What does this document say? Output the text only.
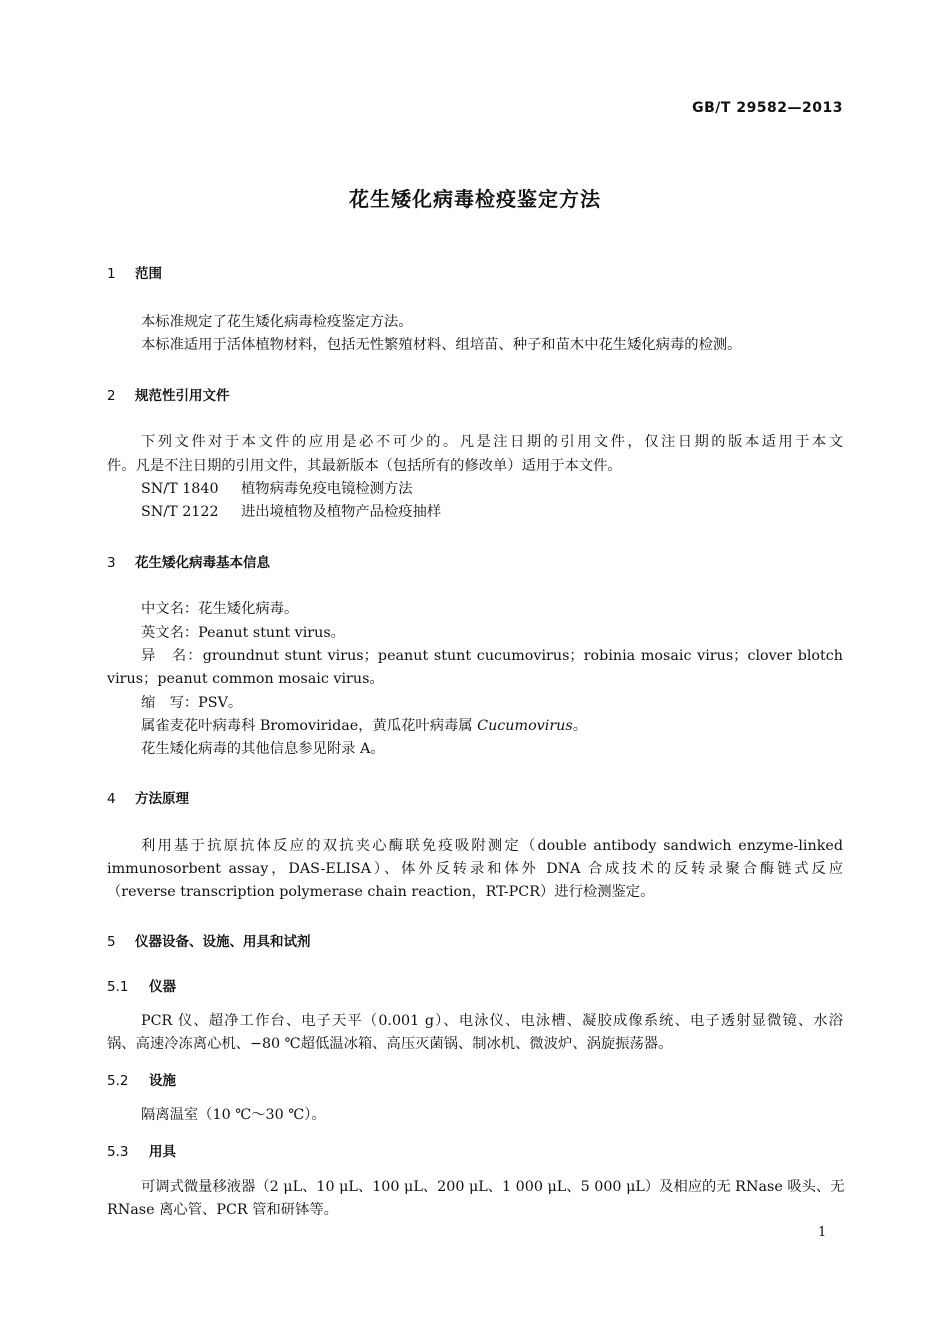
GB/T 29582—2013
花生矮化病毒检疫鉴定方法
1 范围
本标准规定了花生矮化病毒检疫鉴定方法。
本标准适用于活体植物材料，包括无性繁殖材料、组培苗、种子和苗木中花生矮化病毒的检测。
2 规范性引用文件
下列文件对于本文件的应用是必不可少的。凡是注日期的引用文件，仅注日期的版本适用于本文
件。凡是不注日期的引用文件，其最新版本（包括所有的修改单）适用于本文件。
SN/T 1840 植物病毒免疫电镜检测方法
SN/T 2122 进出境植物及植物产品检疫抽样
3 花生矮化病毒基本信息
中文名：花生矮化病毒。
英文名：Peanut stunt virus。
异　名：groundnut stunt virus；peanut stunt cucumovirus；robinia mosaic virus；clover blotch
virus；peanut common mosaic virus。
缩　写：PSV。
属雀麦花叶病毒科 Bromoviridae，黄瓜花叶病毒属 Cucumovirus。
花生矮化病毒的其他信息参见附录 A。
4 方法原理
利用基于抗原抗体反应的双抗夹心酶联免疫吸附测定（double antibody sandwich enzyme-linked
immunosorbent assay，DAS-ELISA）、体外反转录和体外 DNA 合成技术的反转录聚合酶链式反应
（reverse transcription polymerase chain reaction，RT-PCR）进行检测鉴定。
5 仪器设备、设施、用具和试剂
5.1 仪器
PCR 仪、超净工作台、电子天平（0.001 g）、电泳仪、电泳槽、凝胶成像系统、电子透射显微镜、水浴
锅、高速冷冻离心机、−80 ℃超低温冰箱、高压灭菌锅、制冰机、微波炉、涡旋振荡器。
5.2 设施
隔离温室（10 ℃～30 ℃）。
5.3 用具
可调式微量移液器（2 μL、10 μL、100 μL、200 μL、1 000 μL、5 000 μL）及相应的无 RNase 吸头、无
RNase 离心管、PCR 管和研钵等。
1
